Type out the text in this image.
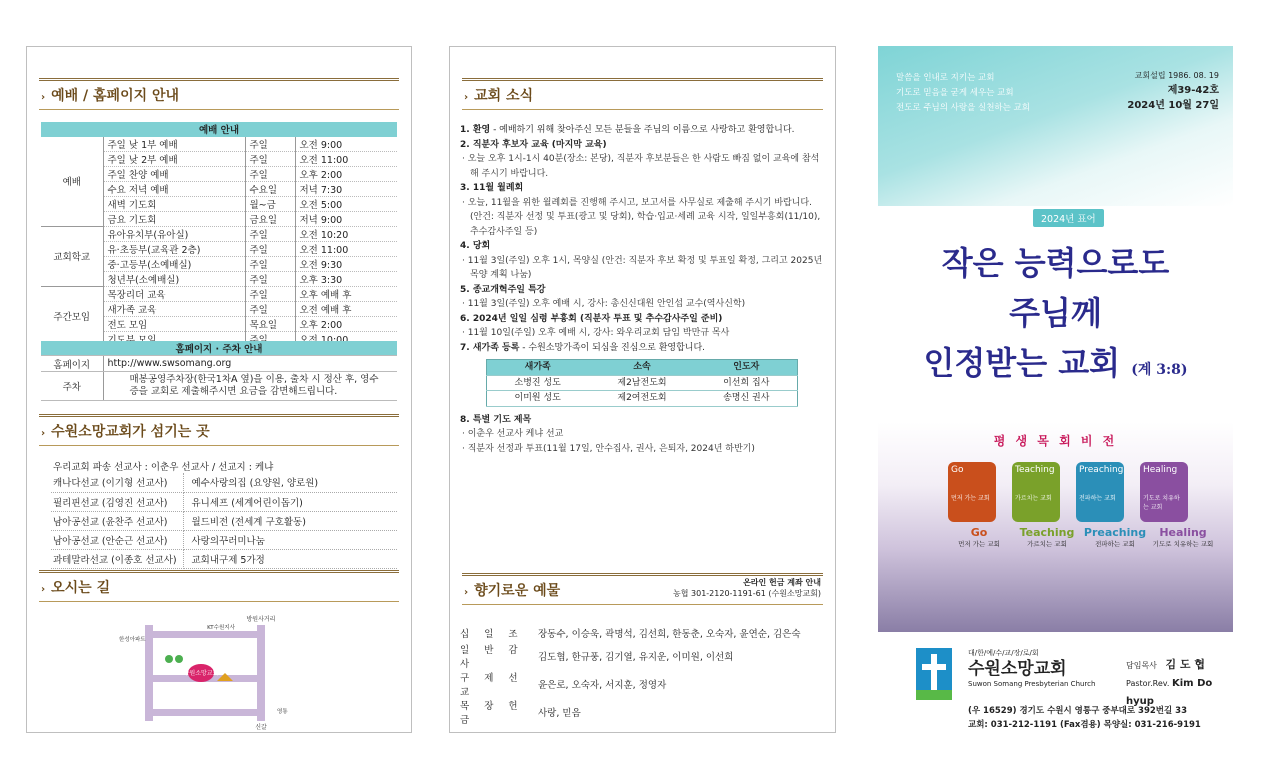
› 예배 / 홈페이지 안내
예배 안내			
예배	주일 낮 1부 예배	주일	오전 9:00
	주일 낮 2부 예배	주일	오전 11:00
	주일 찬양 예배	주일	오후 2:00
	수요 저녁 예배	수요일	저녁 7:30
	새벽 기도회	월~금	오전 5:00
	금요 기도회	금요일	저녁 9:00
교회학교	유아유치부(유아실)	주일	오전 10:20
	유·초등부(교육관 2층)	주일	오전 11:00
	중·고등부(소예배실)	주일	오전 9:30
	청년부(소예배실)	주일	오후 3:30
주간모임	목장리더 교육	주일	오후 예배 후
	새가족 교육	주일	오전 예배 후
	전도 모임	목요일	오후 2:00

홈페이지 · 주차 안내	
홈페이지	http://www.swsomang.org
주차	매봉공영주차장(한국1차A 옆)을 이용, 출차 시 정산 후, 영수증을 교회로 제출해주시면 요금을 감면해드립니다.
› 수원소망교회가 섬기는 곳
우리교회 파송 선교사 : 이춘우 선교사 / 선교지 : 케냐
캐나다선교 (이기형 선교사)	예수사랑의집 (요양원, 양로원)
필리핀선교 (김영진 선교사)	유니세프 (세계어린이돕기)
남아공선교 (윤찬주 선교사)	월드비전 (전세계 구호활동)
남아공선교 (안순근 선교사)	사랑의꾸러미나눔
과테말라선교 (이종호 선교사)	교회내구제 5가정
› 오시는 길
수원소망교회
방원사거리
신갈
KT수원지사
한성아파트
영통
› 교회 소식
1. 환영 - 예배하기 위해 찾아주신 모든 분들을 주님의 이름으로 사랑하고 환영합니다.
2. 직분자 후보자 교육 (마지막 교육)
· 오늘 오후 1시-1시 40분(장소: 본당), 직분자 후보분들은 한 사람도 빠짐 없이 교육에 참석해 주시기 바랍니다.
3. 11월 월례회
· 오늘, 11월을 위한 월례회를 진행해 주시고, 보고서를 사무실로 제출해 주시기 바랍니다. (안건: 직분자 선정 및 투표(광고 및 당회), 학습·입교·세례 교육 시작, 일일부흥회(11/10), 추수감사주일 등)
4. 당회
· 11월 3일(주일) 오후 1시, 목양실 (안건: 직분자 후보 확정 및 투표일 확정, 그리고 2025년 목양 계획 나눔)
5. 종교개혁주일 특강
· 11월 3일(주일) 오후 예배 시, 강사: 총신신대원 안인섭 교수(역사신학)
6. 2024년 일일 심령 부흥회 (직분자 투표 및 추수감사주일 준비)
· 11월 10일(주일) 오후 예배 시, 강사: 와우리교회 담임 박만규 목사
7. 새가족 등록 - 수원소망가족이 되심을 진심으로 환영합니다.
새가족	소속	인도자
소병진 성도	제2남전도회	이선희 집사
이미원 성도	제2여전도회	송명신 권사
8. 특별 기도 제목
· 이춘우 선교사 케냐 선교
· 직분자 선정과 투표(11월 17일, 안수집사, 권사, 은퇴자, 2024년 하반기)
› 향기로운 예물
온라인 헌금 계좌 안내
농협 301-2120-1191-61 (수원소망교회)
십 일 조	장동수, 이승욱, 곽명석, 김선희, 한동춘, 오숙자, 윤연순, 김은숙
일 반 감 사	김도협, 한규풍, 김기열, 유지운, 이미원, 이선희
구 제 선 교	윤은로, 오숙자, 서지훈, 정영자
목 장 헌 금	사랑, 믿음
말씀을 인내로 지키는 교회
기도로 믿음을 굳게 세우는 교회
전도로 주님의 사랑을 실천하는 교회
교회설립 1986. 08. 19
제39-42호
2024년 10월 27일
2024년 표어
작은 능력으로도
주님께
인정받는 교회 (계 3:8)
평 생 목 회 비 전
Go
먼저 가는 교회
Teaching
가르치는 교회
Preaching
전파하는 교회
Healing
기도로 치유하는 교회
Go
먼저 가는 교회
Teaching
가르치는 교회
Preaching
전파하는 교회
Healing
기도로 치유하는 교회
대/한/예/수/교/장/로/회
수원소망교회
Suwon Somang Presbyterian Church
담임목사 김 도 협
Pastor.Rev. Kim Do hyup
(우 16529) 경기도 수원시 영통구 중부대로 392번길 33
교회: 031-212-1191 (Fax겸용) 목양실: 031-216-9191
